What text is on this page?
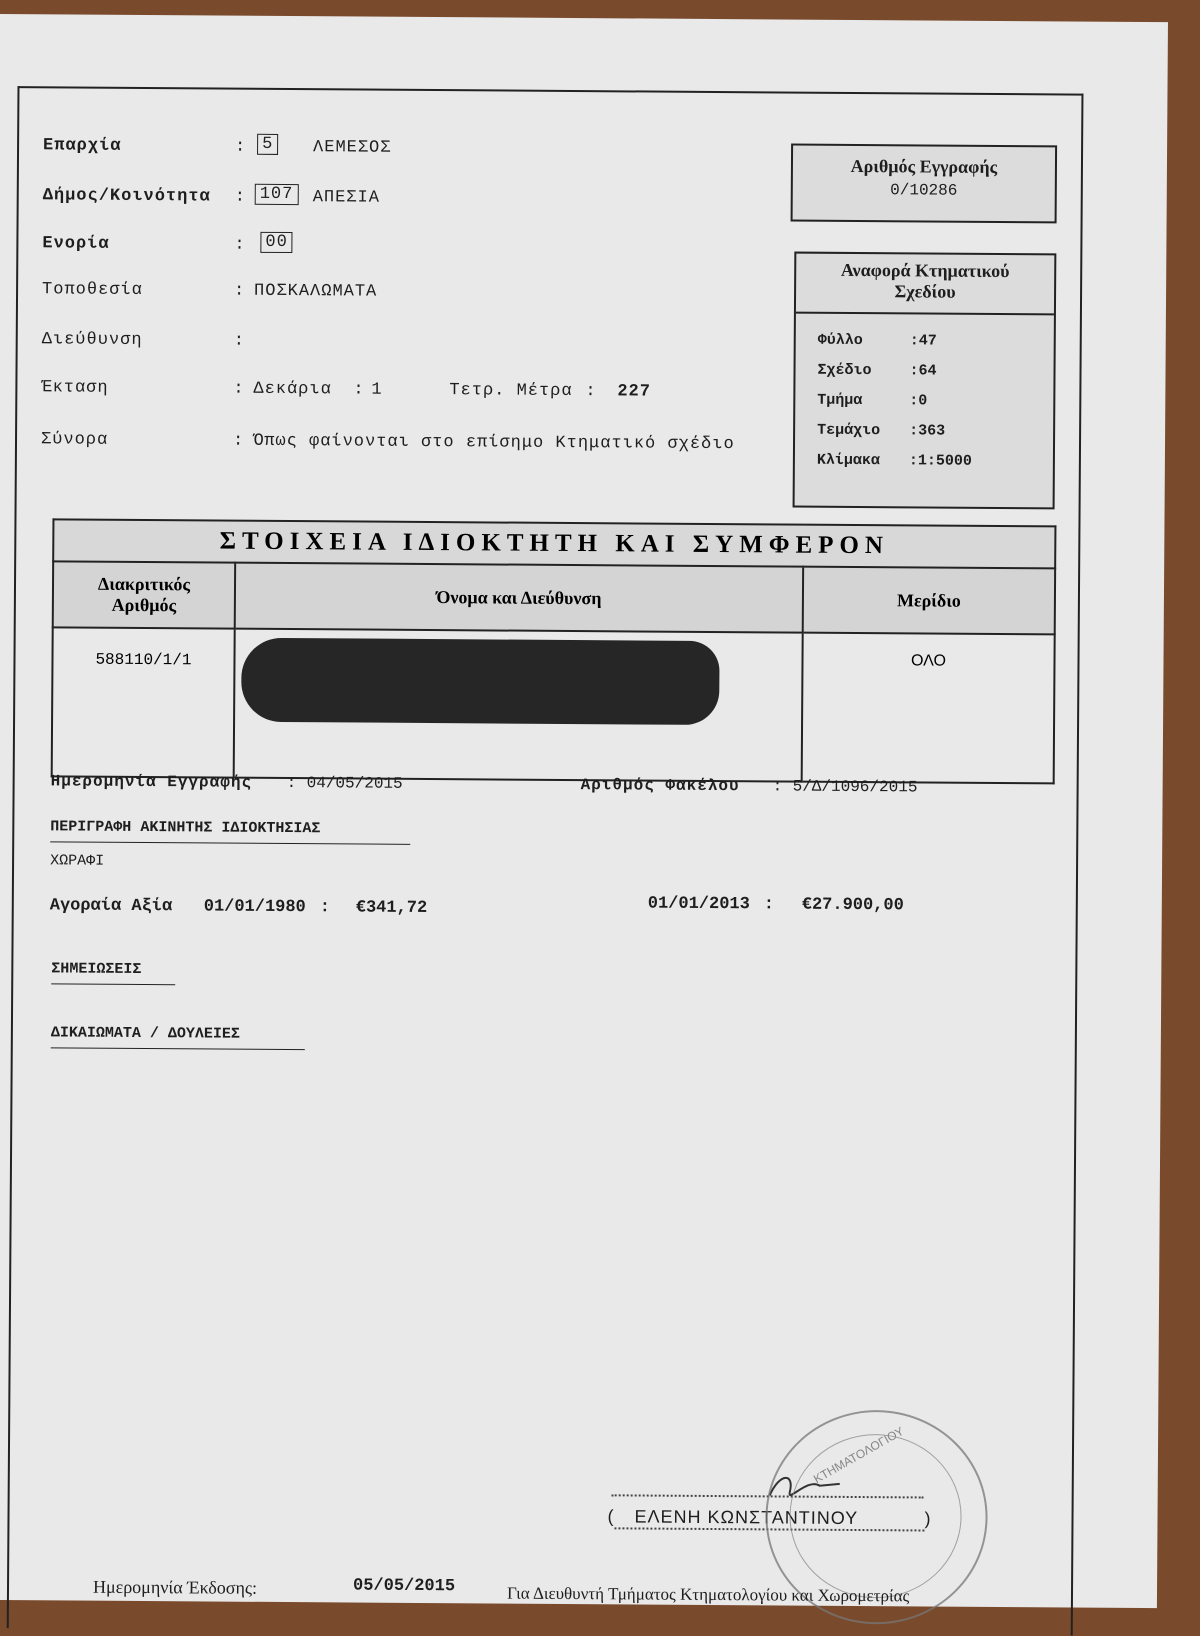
Επαρχία	: 5 ΛΕΜΕΣΟΣ
Δήμος/Κοινότητα : 107 ΑΠΕΣΙΑ
Ενορία	: 00
Τοποθεσία	: ΠΟΣΚΑΛΩΜΑΤΑ
Διεύθυνση	:
Έκταση	: Δεκάρια : 1	Τετρ. Μέτρα : 227
Σύνορα	: Όπως φαίνονται στο επίσημο Κτηματικό σχέδιο
Αριθμός Εγγραφής
0/10286
Αναφορά Κτηματικού
Σχεδίου
Φύλλο	:47
Σχέδιο	:64
Τμήμα	:0
Τεμάχιο :363
Κλίμακα :1:5000
ΣΤΟΙΧΕΙΑ ΙΔΙΟΚΤΗΤΗ ΚΑΙ ΣΥΜΦΕΡΟΝ		

Διακριτικός
Αριθμός	Όνομα και Διεύθυνση	Μερίδιο
588110/1/1		ΟΛΟ
Ημερομηνία Εγγραφής : 04/05/2015	Αριθμός Φακέλου : 5/Δ/1096/2015
ΠΕΡΙΓΡΑΦΗ ΑΚΙΝΗΤΗΣ ΙΔΙΟΚΤΗΣΙΑΣ
ΧΩΡΑΦΙ
Αγοραία Αξία 01/01/1980 : €341,72	01/01/2013 : €27.900,00
ΣΗΜΕΙΩΣΕΙΣ
ΔΙΚΑΙΩΜΑΤΑ / ΔΟΥΛΕΙΕΣ
( ΕΛΕΝΗ ΚΩΝΣΤΑΝΤΙΝΟΥ	)
ΚΤΗΜΑΤΟΛΟΓΙΟΥ
Ημερομηνία Έκδοσης:	05/05/2015	Για Διευθυντή Τμήματος Κτηματολογίου και Χωρομετρίας
